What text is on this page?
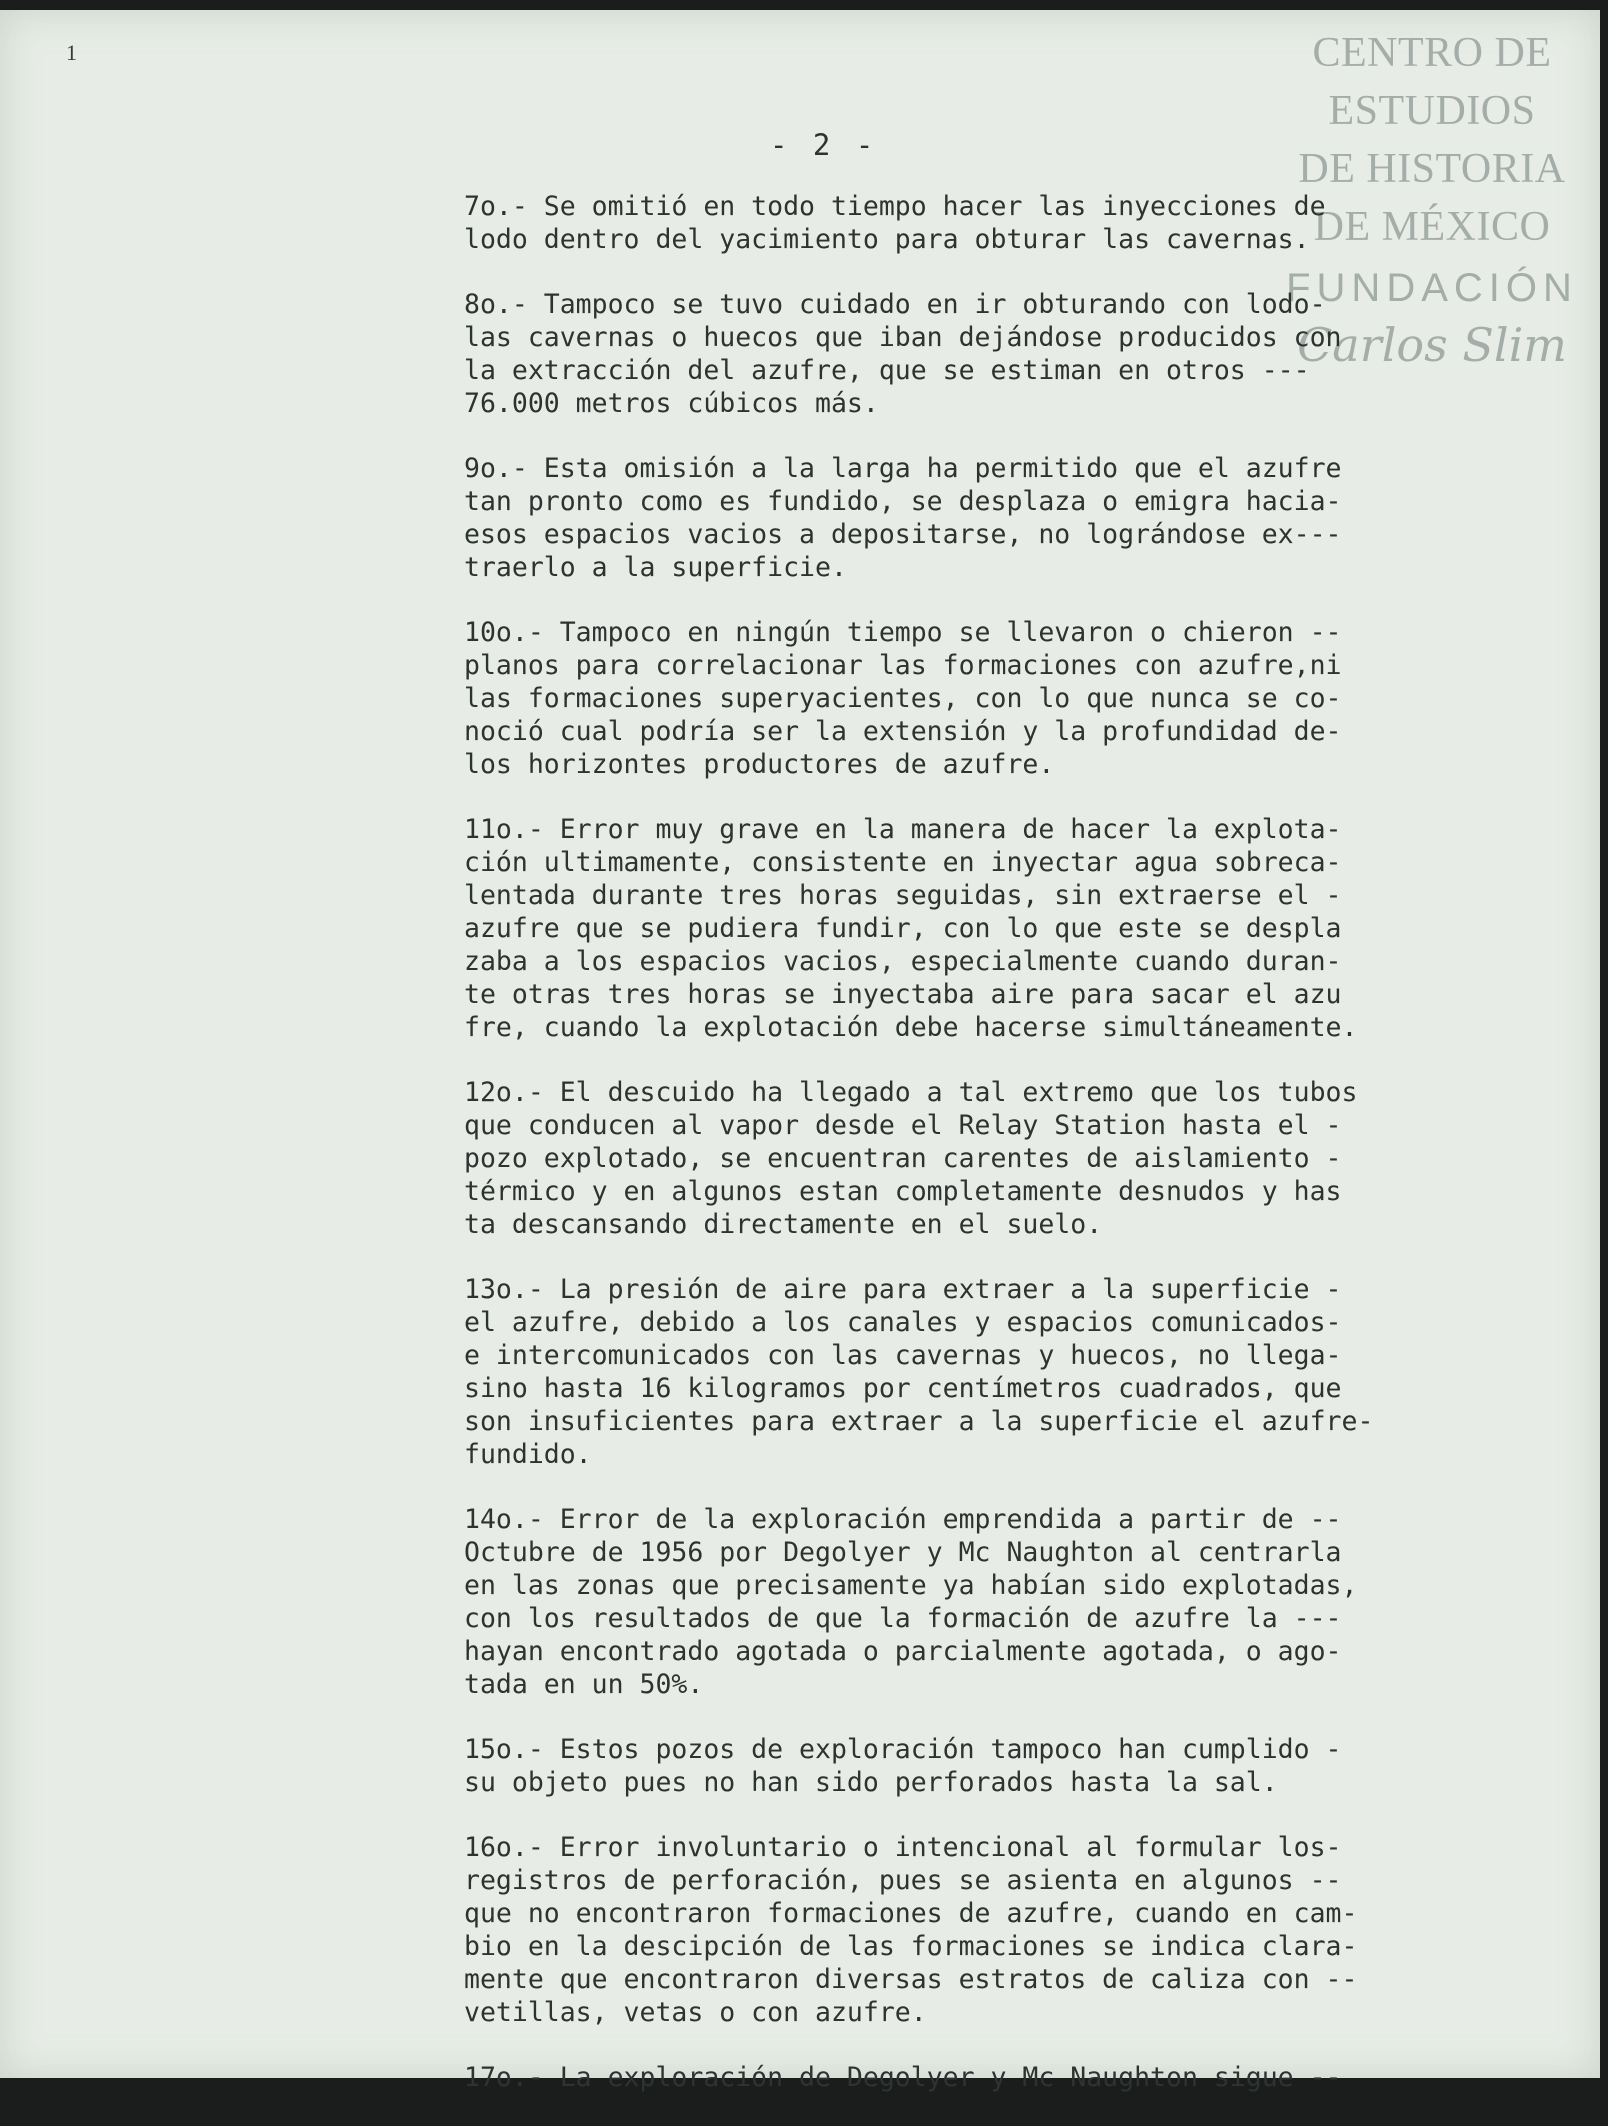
1	CENTRO DE
ESTUDIOS
DE HISTORIA
DE MÉXICO
FUNDACIÓN
Carlos Slim
- 2 -
7o.- Se omitió en todo tiempo hacer las inyecciones de
lodo dentro del yacimiento para obturar las cavernas.
8o.- Tampoco se tuvo cuidado en ir obturando con lodo-
las cavernas o huecos que iban dejándose producidos con
la extracción del azufre, que se estiman en otros ---
76.000 metros cúbicos más.
9o.- Esta omisión a la larga ha permitido que el azufre
tan pronto como es fundido, se desplaza o emigra hacia-
esos espacios vacios a depositarse, no lográndose ex---
traerlo a la superficie.
10o.- Tampoco en ningún tiempo se llevaron o chieron --
planos para correlacionar las formaciones con azufre,ni
las formaciones superyacientes, con lo que nunca se co-
noció cual podría ser la extensión y la profundidad de-
los horizontes productores de azufre.
11o.- Error muy grave en la manera de hacer la explota-
ción ultimamente, consistente en inyectar agua sobreca-
lentada durante tres horas seguidas, sin extraerse el -
azufre que se pudiera fundir, con lo que este se despla
zaba a los espacios vacios, especialmente cuando duran-
te otras tres horas se inyectaba aire para sacar el azu
fre, cuando la explotación debe hacerse simultáneamente.
12o.- El descuido ha llegado a tal extremo que los tubos
que conducen al vapor desde el Relay Station hasta el -
pozo explotado, se encuentran carentes de aislamiento -
térmico y en algunos estan completamente desnudos y has
ta descansando directamente en el suelo.
13o.- La presión de aire para extraer a la superficie -
el azufre, debido a los canales y espacios comunicados-
e intercomunicados con las cavernas y huecos, no llega-
sino hasta 16 kilogramos por centímetros cuadrados, que
son insuficientes para extraer a la superficie el azufre-
fundido.
14o.- Error de la exploración emprendida a partir de --
Octubre de 1956 por Degolyer y Mc Naughton al centrarla
en las zonas que precisamente ya habían sido explotadas,
con los resultados de que la formación de azufre la ---
hayan encontrado agotada o parcialmente agotada, o ago-
tada en un 50%.
15o.- Estos pozos de exploración tampoco han cumplido -
su objeto pues no han sido perforados hasta la sal.
16o.- Error involuntario o intencional al formular los-
registros de perforación, pues se asienta en algunos --
que no encontraron formaciones de azufre, cuando en cam-
bio en la descipción de las formaciones se indica clara-
mente que encontraron diversas estratos de caliza con --
vetillas, vetas o con azufre.
17o.- La exploración de Degolyer y Mc Naughton sigue --
